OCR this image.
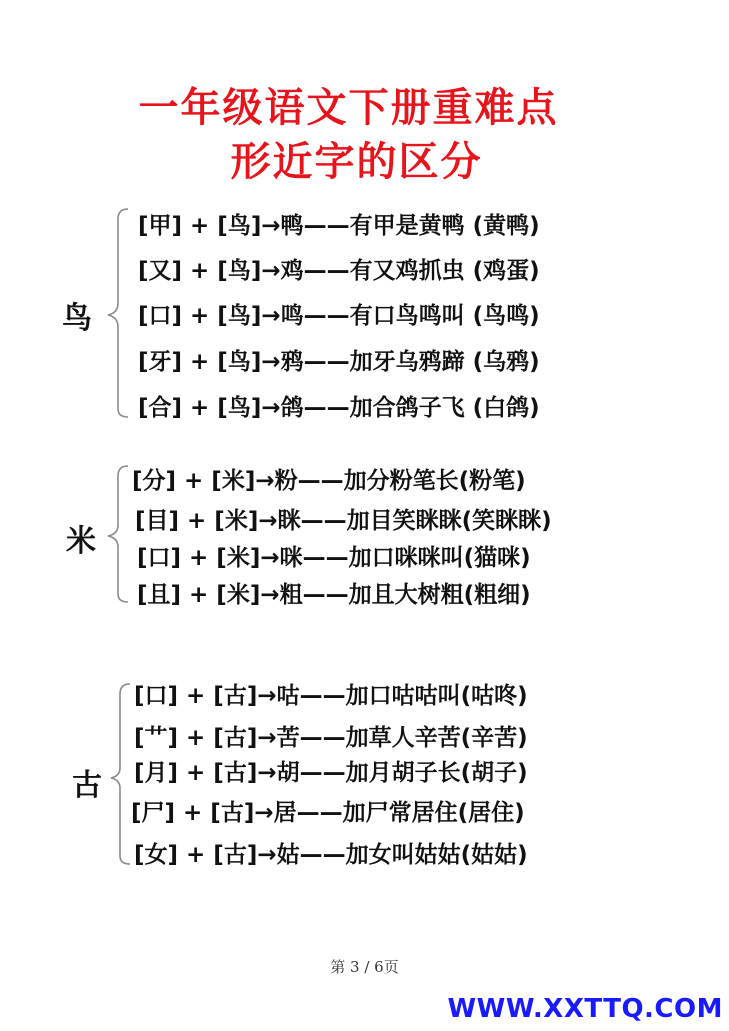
一年级语文下册重难点
形近字的区分
鸟
[甲] + [鸟]→鸭——有甲是黄鸭 (黄鸭)
[又] + [鸟]→鸡——有又鸡抓虫 (鸡蛋)
[口] + [鸟]→鸣——有口鸟鸣叫 (鸟鸣)
[牙] + [鸟]→鸦——加牙乌鸦蹄 (乌鸦)
[合] + [鸟]→鸽——加合鸽子飞 (白鸽)
米
[分] + [米]→粉——加分粉笔长(粉笔)
[目] + [米]→眯——加目笑眯眯(笑眯眯)
[口] + [米]→咪——加口咪咪叫(猫咪)
[且] + [米]→粗——加且大树粗(粗细)
古
[口] + [古]→咕——加口咕咕叫(咕咚)
[艹] + [古]→苦——加草人辛苦(辛苦)
[月] + [古]→胡——加月胡子长(胡子)
[尸] + [古]→居——加尸常居住(居住)
[女] + [古]→姑——加女叫姑姑(姑姑)
第 3 / 6页
WWW.XXTTQ.COM
